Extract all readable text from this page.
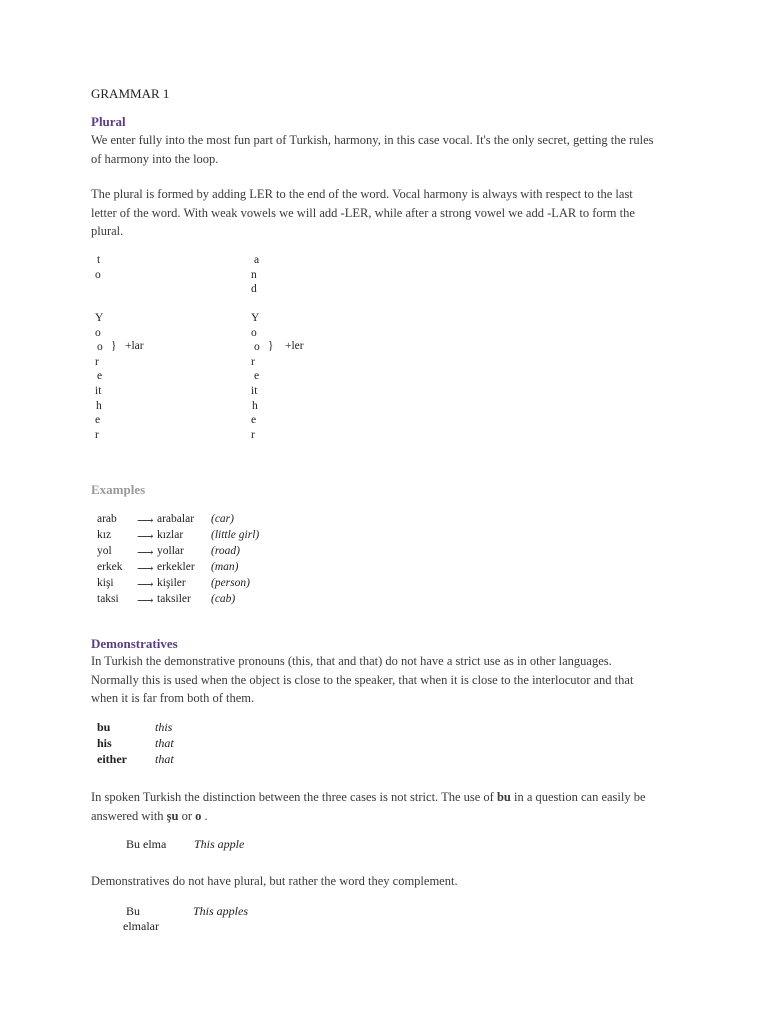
GRAMMAR 1
Plural
We enter fully into the most fun part of Turkish, harmony, in this case vocal. It's the only secret, getting the rules
of harmony into the loop.
The plural is formed by adding LER to the end of the word. Vocal harmony is always with respect to the last
letter of the word. With weak vowels we will add -LER, while after a strong vowel we add -LAR to form the
plural.
t
o
Y
o
o
r
e
it
h
e
r
} +lar
a
n
d
Y
o
o
r
e
it
h
e
r
} +ler
Examples
arab ⟶ arabalar (car)
kız ⟶ kızlar (little girl)
yol ⟶ yollar (road)
erkek ⟶ erkekler (man)
kişi ⟶ kişiler (person)
taksi ⟶ taksiler (cab)
Demonstratives
In Turkish the demonstrative pronouns (this, that and that) do not have a strict use as in other languages.
Normally this is used when the object is close to the speaker, that when it is close to the interlocutor and that
when it is far from both of them.
bu	this
his	that
either that
In spoken Turkish the distinction between the three cases is not strict. The use of bu in a question can easily be
answered with şu or o .
Bu elma This apple
Demonstratives do not have plural, but rather the word they complement.
Bu
elmalar
This apples
